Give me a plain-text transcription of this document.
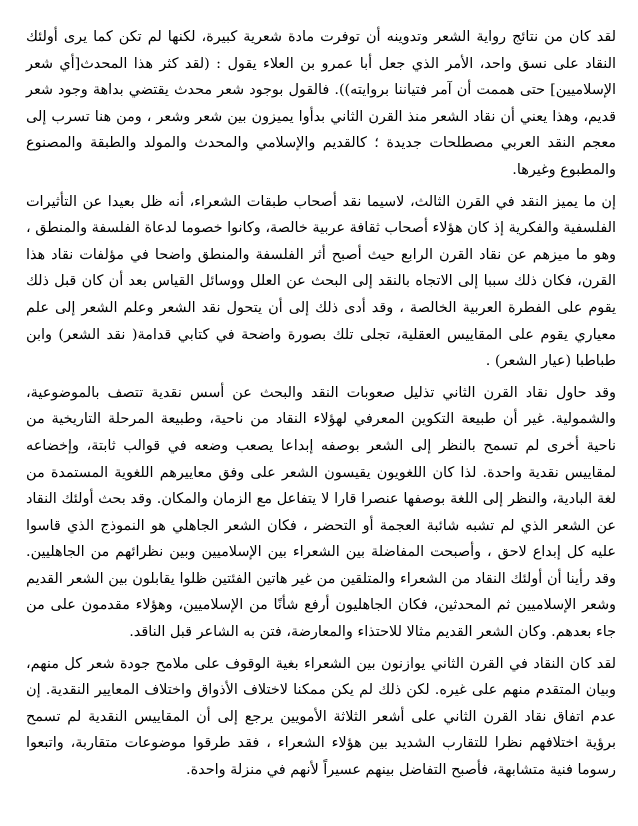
لقد كان من نتائج رواية الشعر وتدوينه أن توفرت مادة شعرية كبيرة، لكنها لم تكن كما يرى أولئك النقاد على نسق واحد، الأمر الذي جعل أبا عمرو بن العلاء يقول : (لقد كثر هذا المحدث[أي شعر الإسلاميين] حتى هممت أن آمر فتياننا بروايته)). فالقول بوجود شعر محدث يقتضي بداهة وجود شعر قديم، وهذا يعني أن نقاد الشعر منذ القرن الثاني بدأوا يميزون بين شعر وشعر ، ومن هنا تسرب إلى معجم النقد العربي مصطلحات جديدة ؛ كالقديم والإسلامي والمحدث والمولد والطبقة والمصنوع والمطبوع وغيرها.

إن ما يميز النقد في القرن الثالث، لاسيما نقد أصحاب طبقات الشعراء، أنه ظل بعيدا عن التأثيرات الفلسفية والفكرية إذ كان هؤلاء أصحاب ثقافة عربية خالصة، وكانوا خصوما لدعاة الفلسفة والمنطق ، وهو ما ميزهم عن نقاد القرن الرابع حيث أصبح أثر الفلسفة والمنطق واضحا في مؤلفات نقاد هذا القرن، فكان ذلك سببا إلى الاتجاه بالنقد إلى البحث عن العلل ووسائل القياس بعد أن كان قبل ذلك يقوم على الفطرة العربية الخالصة ، وقد أدى ذلك إلى أن يتحول نقد الشعر وعلم الشعر إلى علم معياري يقوم على المقاييس العقلية، تجلى تلك بصورة واضحة في كتابي قدامة( نقد الشعر) وابن طباطبا (عيار الشعر) .

وقد حاول نقاد القرن الثاني تذليل صعوبات النقد والبحث عن أسس نقدية تتصف بالموضوعية، والشمولية. غير أن طبيعة التكوين المعرفي لهؤلاء النقاد من ناحية، وطبيعة المرحلة التاريخية من ناحية أخرى لم تسمح بالنظر إلى الشعر بوصفه إبداعا يصعب وضعه في قوالب ثابتة، وإخضاعه لمقاييس نقدية واحدة. لذا كان اللغويون يقيسون الشعر على وفق معاييرهم اللغوية المستمدة من لغة البادية، والنظر إلى اللغة بوصفها عنصرا قارا لا يتفاعل مع الزمان والمكان. وقد بحث أولئك النقاد عن الشعر الذي لم تشبه شائبة العجمة أو التحضر ، فكان الشعر الجاهلي هو النموذج الذي قاسوا عليه كل إبداع لاحق ، وأصبحت المفاضلة بين الشعراء بين الإسلاميين وبين نظرائهم من الجاهليين. وقد رأينا أن أولئك النقاد من الشعراء والمتلقين من غير هاتين الفئتين ظلوا يقابلون بين الشعر القديم وشعر الإسلاميين ثم المحدثين، فكان الجاهليون أرفع شأنًا من الإسلاميين، وهؤلاء مقدمون على من جاء بعدهم. وكان الشعر القديم مثالا للاحتذاء والمعارضة، فتن به الشاعر قبل الناقد.

لقد كان النقاد في القرن الثاني يوازنون بين الشعراء بغية الوقوف على ملامح جودة شعر كل منهم، وبيان المتقدم منهم على غيره. لكن ذلك لم يكن ممكنا لاختلاف الأذواق واختلاف المعايير النقدية. إن عدم اتفاق نقاد القرن الثاني على أشعر الثلاثة الأمويين يرجع إلى أن المقاييس النقدية لم تسمح برؤية اختلافهم نظرا للتقارب الشديد بين هؤلاء الشعراء ، فقد طرقوا موضوعات متقاربة، واتبعوا رسوما فنية متشابهة، فأصبح التفاضل بينهم عسيراً لأنهم في منزلة واحدة.
